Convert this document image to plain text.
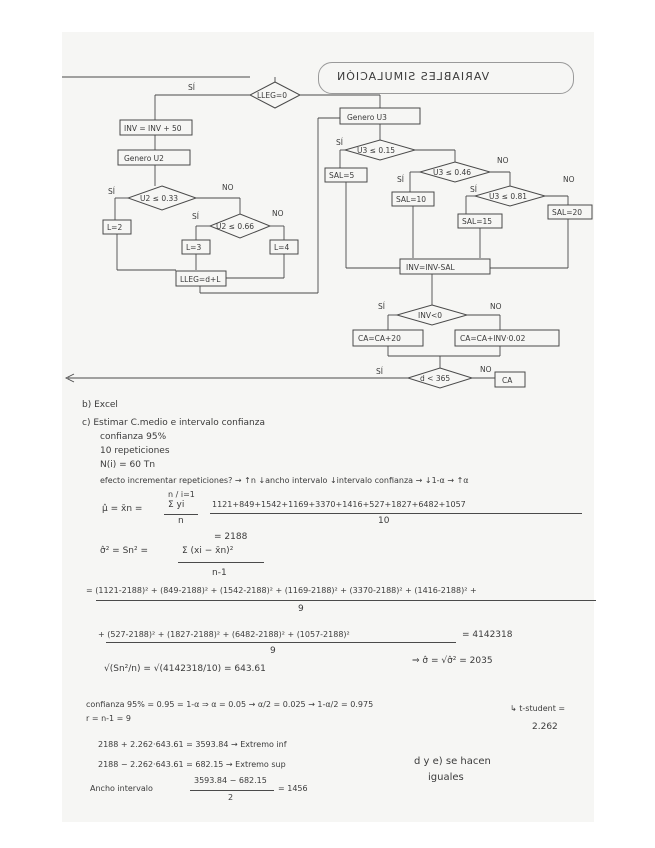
VARIABLES SIMULACIÓN
LLEG=0
SÍ
INV = INV + 50
Genero U2
U2 ≤ 0.33
SÍ	NO
L=2	U2 ≤ 0.66
SÍ	NO
L=3	L=4
LLEG=d+L
Genero U3
U3 ≤ 0.15
SÍ
NO
SAL=5	U3 ≤ 0.46
SÍ
SAL=10	U3 ≤ 0.81
SÍ
NO
SAL=15
SAL=20
INV=INV-SAL
INV<0
SÍ	NO
CA=CA+20	CA=CA+INV·0.02
d < 365
SÍ	NO
CA
b) Excel
c) Estimar C.medio e intervalo confianza
confianza 95%
10 repeticiones
N(i) = 60 Tn
efecto incrementar repeticiones? → ↑n ↓ancho intervalo ↓intervalo confianza → ↓1-α → ↑α
μ̂ = x̄n =
n / i=1
Σ yi
n
1121+849+1542+1169+3370+1416+527+1827+6482+1057
10
= 2188
σ̂² = Sn² =	Σ (xi − x̄n)²
n-1
= (1121-2188)² + (849-2188)² + (1542-2188)² + (1169-2188)² + (3370-2188)² + (1416-2188)² +
9
+ (527-2188)² + (1827-2188)² + (6482-2188)² + (1057-2188)²
9
= 4142318
√(Sn²/n) = √(4142318/10) = 643.61
⇒ σ̂ = √σ̂² = 2035
confianza 95% = 0.95 = 1-α ⇒ α = 0.05 → α/2 = 0.025 → 1-α/2 = 0.975	↳ t-student =
2.262
r = n-1 = 9
2188 + 2.262·643.61 = 3593.84 → Extremo inf
2188 − 2.262·643.61 = 682.15 → Extremo sup	d y e) se hacen
iguales
Ancho intervalo
3593.84 − 682.15
2
= 1456
